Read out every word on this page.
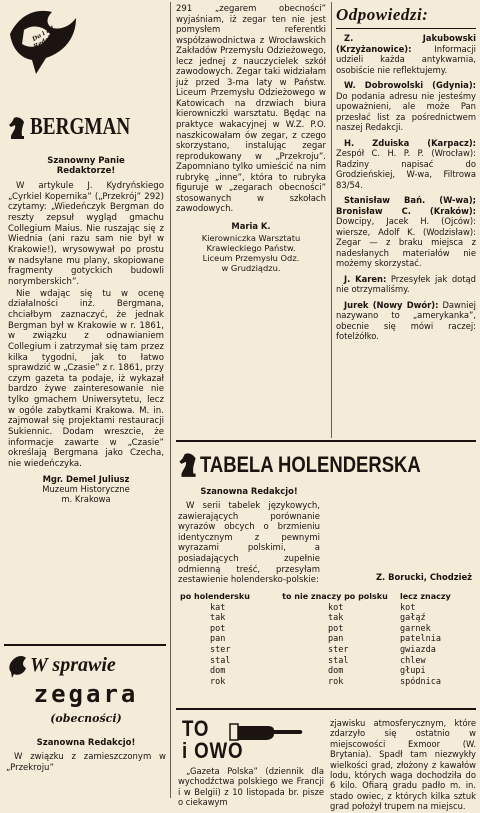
Do i od Redakcji
BERGMAN
Szanowny Panie Redaktorze!

W artykule J. Kydryńskiego „Cyrkiel Kopernika” („Przekrój” 292) czytamy: „Wiedeńczyk Bergman do reszty zepsuł wygląd gmachu Collegium Maius. Nie ruszając się z Wiednia (ani razu sam nie był w Krakowie!), wrysowywał po prostu w nadsyłane mu plany, skopiowane fragmenty gotyckich budowli norymberskich”.

Nie wdając się tu w ocenę działalności inż. Bergmana, chciałbym zaznaczyć, że jednak Bergman był w Krakowie w r. 1861, w związku z odnawianiem Collegium i zatrzymał się tam przez kilka tygodni, jak to łatwo sprawdzić w „Czasie” z r. 1861, przy czym gazeta ta podaje, iż wykazał bardzo żywe zainteresowanie nie tylko gmachem Uniwersytetu, lecz w ogóle zabytkami Krakowa. M. in. zajmował się projektami restauracji Sukiennic. Dodam wreszcie, że informacje zawarte w „Czasie” określają Bergmana jako Czecha, nie wiedeńczyka.

Mgr. Demel Juliusz
Muzeum Historyczne
m. Krakowa
W sprawie
zegara
(obecności)
Szanowna Redakcjo!

W związku z zamieszczonym w „Przekroju”

291 „zegarem obecności” wyjaśniam, iż zegar ten nie jest pomysłem referentki współzawodnictwa z Wrocławskich Zakładów Przemysłu Odzieżowego, lecz jednej z nauczycielek szkół zawodowych. Zegar taki widziałam już przed 3-ma laty w Państw. Liceum Przemysłu Odzieżowego w Katowicach na drzwiach biura kierowniczki warsztatu. Będąc na praktyce wakacyjnej w W.Z. P.O. naszkicowałam ów zegar, z czego skorzystano, instalując zegar reprodukowany w „Przekroju”. Zapomniano tylko umieścić na nim rubrykę „inne”, która to rubryka figuruje w „zegarach obecności” stosowanych w szkołach zawodowych.

Maria K.
Kierowniczka Warsztatu
Krawieckiego Państw.
Liceum Przemysłu Odz.
w Grudziądzu.
Odpowiedzi:

Z. Jakubowski (Krzyżanowice): Informacji udzieli każda antykwarnia, osobiście nie reflektujemy.

W. Dobrowolski (Gdynia): Do podania adresu nie jesteśmy upoważnieni, ale może Pan przesłać list za pośrednictwem naszej Redakcji.

H. Zduiska (Karpacz): Zespół C. H. P. P. (Wrocław): Radziny napisać do Grodzieńskiej, W-wa, Filtrowa 83/54.

Stanisław Bań. (W-wa); Bronisław C. (Kraków): Dowcipy, Jacek H. (Ojców): wiersze, Adolf K. (Wodzisław): Zegar — z braku miejsca z nadesłanych materiałów nie możemy skorzystać.

J. Karen: Przesyłek jak dotąd nie otrzymaliśmy.

Jurek (Nowy Dwór): Dawniej nazywano to „amerykanka”, obecnie się mówi raczej: fotelżółko.

TABELA HOLENDERSKA
Szanowna Redakcjo!

W serii tabelek językowych, zawierających porównanie wyrazów obcych o brzmieniu identycznym z pewnymi wyrazami polskimi, a posiadających zupełnie odmienną treść, przesyłam zestawienie holendersko-polskie:	Z. Borucki, Chodzież
po holendersku	to nie znaczy po polsku	lecz znaczy
kat	kot	kot
tak	tak	gałąź
pot	pot	garnek
pan	pan	patelnia
ster	ster	gwiazda
stal	stal	chlew
dom	dom	głupi
rok	rok	spódnica
TO
i OWO

„Gazeta Polska” (dziennik dla wychodźctwa polskiego we Francji i w Belgii) z 10 listopada br. pisze o ciekawym

zjawisku atmosferycznym, które zdarzyło się ostatnio w miejscowości Exmoor (W. Brytania). Spadł tam niezwykły wielkości grad, złożony z kawałów lodu, których waga dochodziła do 6 kilo. Ofiarą gradu padło m. in. stado owiec, z których kilka sztuk grad położył trupem na miejscu.
